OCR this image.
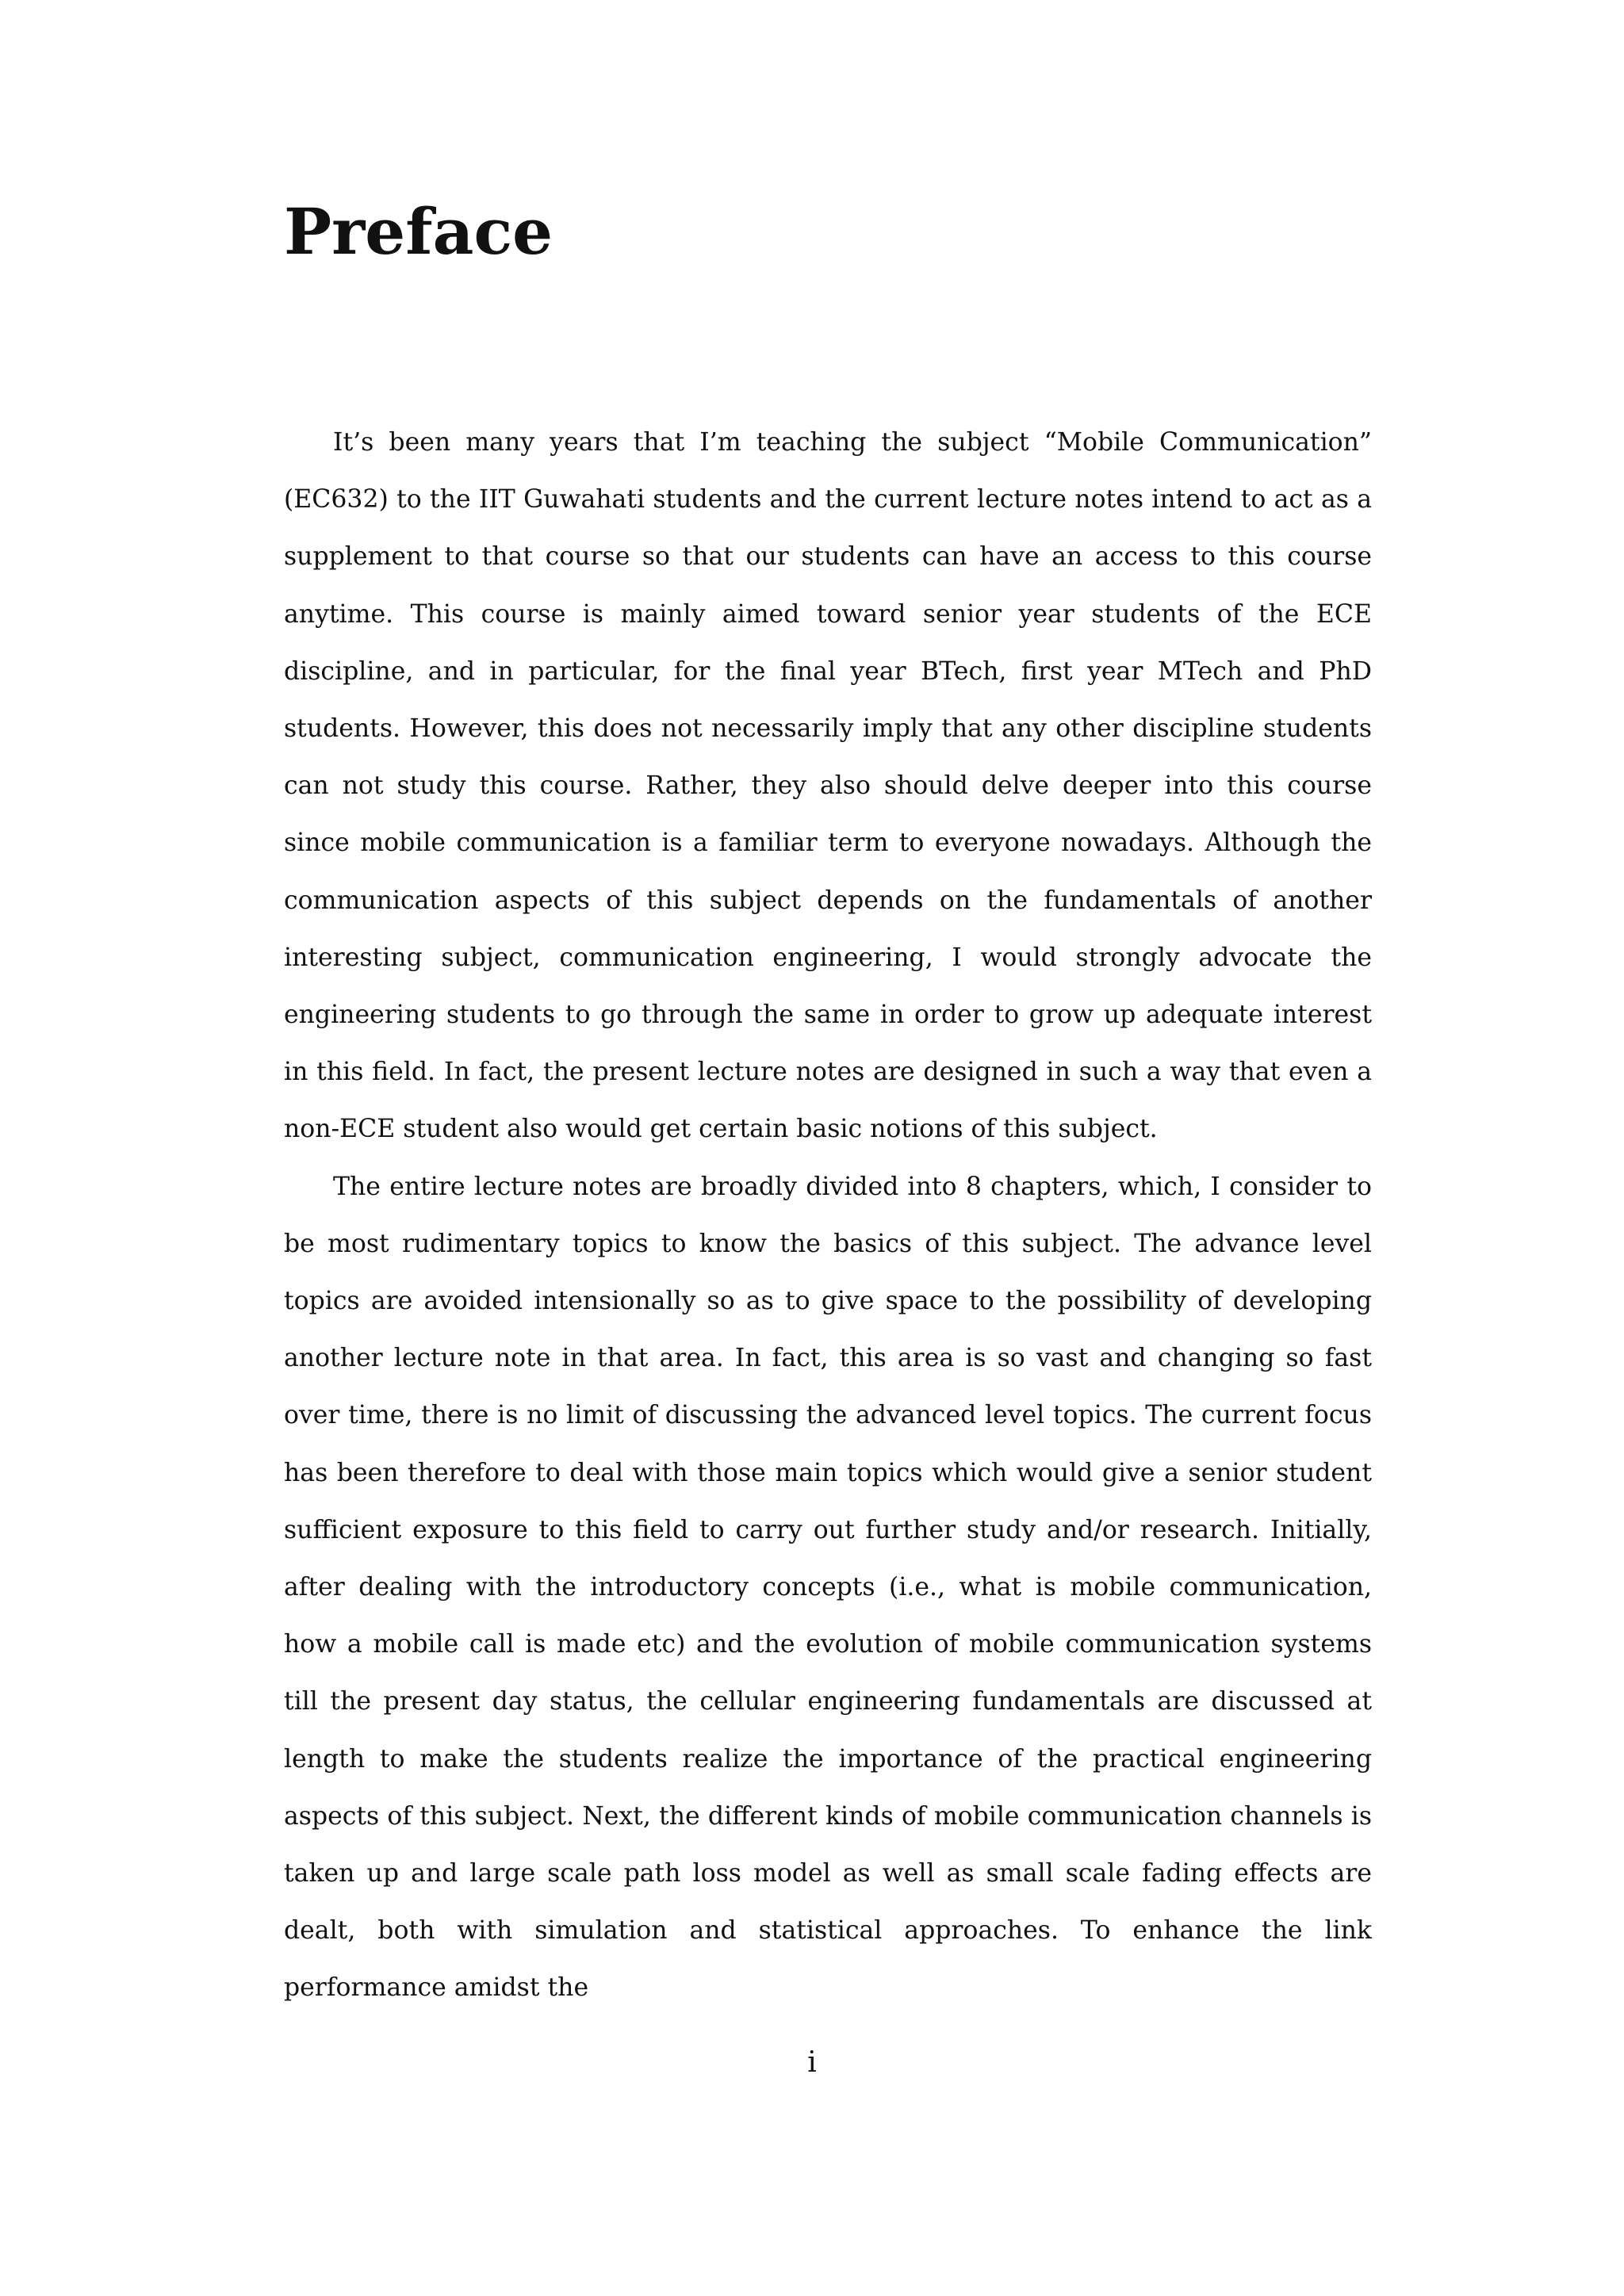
Preface

It’s been many years that I’m teaching the subject “Mobile Communication” (EC632) to the IIT Guwahati students and the current lecture notes intend to act as a supplement to that course so that our students can have an access to this course anytime. This course is mainly aimed toward senior year students of the ECE discipline, and in particular, for the final year BTech, first year MTech and PhD students. However, this does not necessarily imply that any other discipline students can not study this course. Rather, they also should delve deeper into this course since mobile communication is a familiar term to everyone nowadays. Although the communication aspects of this subject depends on the fundamentals of another interesting subject, communication engineering, I would strongly advocate the engineering students to go through the same in order to grow up adequate interest in this field. In fact, the present lecture notes are designed in such a way that even a non-ECE student also would get certain basic notions of this subject.

The entire lecture notes are broadly divided into 8 chapters, which, I consider to be most rudimentary topics to know the basics of this subject. The advance level topics are avoided intensionally so as to give space to the possibility of developing another lecture note in that area. In fact, this area is so vast and changing so fast over time, there is no limit of discussing the advanced level topics. The current focus has been therefore to deal with those main topics which would give a senior student sufficient exposure to this field to carry out further study and/or research. Initially, after dealing with the introductory concepts (i.e., what is mobile communication, how a mobile call is made etc) and the evolution of mobile communication systems till the present day status, the cellular engineering fundamentals are discussed at length to make the students realize the importance of the practical engineering aspects of this subject. Next, the different kinds of mobile communication channels is taken up and large scale path loss model as well as small scale fading effects are dealt, both with simulation and statistical approaches. To enhance the link performance amidst the

i
